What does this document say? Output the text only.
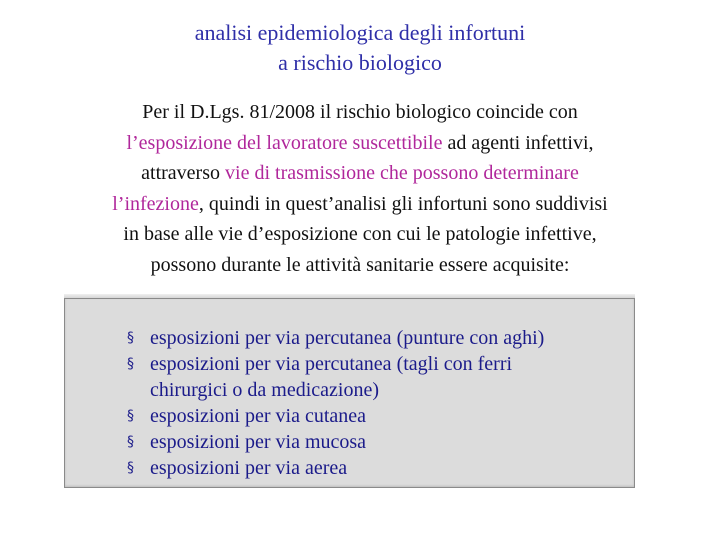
analisi epidemiologica degli infortuni
a rischio biologico
Per il D.Lgs. 81/2008 il rischio biologico coincide con
l’esposizione del lavoratore suscettibile ad agenti infettivi,
attraverso vie di trasmissione che possono determinare
l’infezione, quindi in quest’analisi gli infortuni sono suddivisi
in base alle vie d’esposizione con cui le patologie infettive,
possono durante le attività sanitarie essere acquisite:
§ esposizioni per via percutanea (punture con aghi)
§ esposizioni per via percutanea (tagli con ferri
chirurgici o da medicazione)
§ esposizioni per via cutanea
§ esposizioni per via mucosa
§ esposizioni per via aerea
